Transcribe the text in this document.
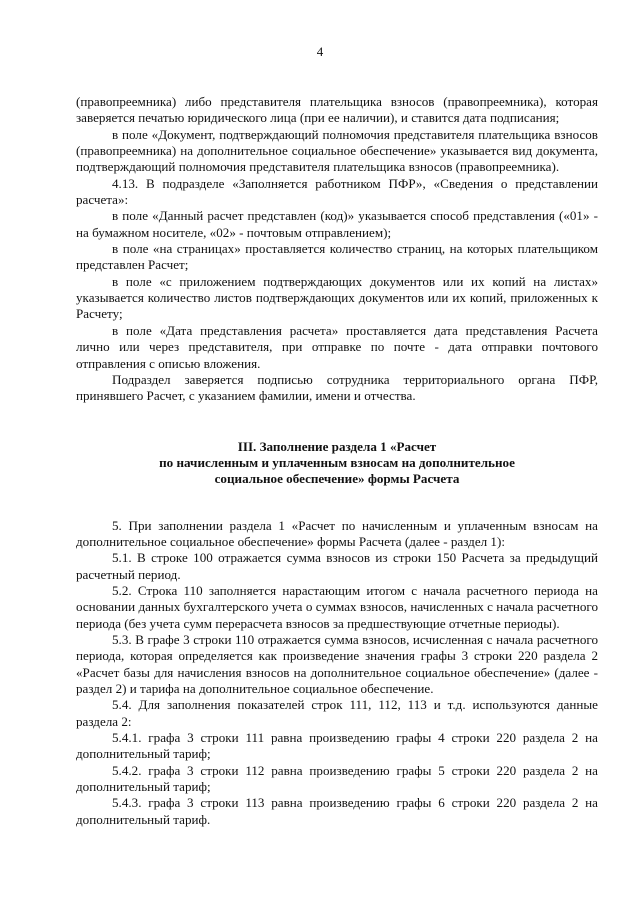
4

(правопреемника) либо представителя плательщика взносов (правопреемника), которая заверяется печатью юридического лица (при ее наличии), и ставится дата подписания;

в поле «Документ, подтверждающий полномочия представителя плательщика взносов (правопреемника) на дополнительное социальное обеспечение» указывается вид документа, подтверждающий полномочия представителя плательщика взносов (правопреемника).

4.13. В подразделе «Заполняется работником ПФР», «Сведения о представлении расчета»:

в поле «Данный расчет представлен (код)» указывается способ представления («01» - на бумажном носителе, «02» - почтовым отправлением);

в поле «на страницах» проставляется количество страниц, на которых плательщиком представлен Расчет;

в поле «с приложением подтверждающих документов или их копий на листах» указывается количество листов подтверждающих документов или их копий, приложенных к Расчету;

в поле «Дата представления расчета» проставляется дата представления Расчета лично или через представителя, при отправке по почте - дата отправки почтового отправления с описью вложения.

Подраздел заверяется подписью сотрудника территориального органа ПФР, принявшего Расчет, с указанием фамилии, имени и отчества.

III. Заполнение раздела 1 «Расчет
по начисленным и уплаченным взносам на дополнительное
социальное обеспечение» формы Расчета

5. При заполнении раздела 1 «Расчет по начисленным и уплаченным взносам на дополнительное социальное обеспечение» формы Расчета (далее - раздел 1):

5.1. В строке 100 отражается сумма взносов из строки 150 Расчета за предыдущий расчетный период.

5.2. Строка 110 заполняется нарастающим итогом с начала расчетного периода на основании данных бухгалтерского учета о суммах взносов, начисленных с начала расчетного периода (без учета сумм перерасчета взносов за предшествующие отчетные периоды).

5.3. В графе 3 строки 110 отражается сумма взносов, исчисленная с начала расчетного периода, которая определяется как произведение значения графы 3 строки 220 раздела 2 «Расчет базы для начисления взносов на дополнительное социальное обеспечение» (далее - раздел 2) и тарифа на дополнительное социальное обеспечение.

5.4. Для заполнения показателей строк 111, 112, 113 и т.д. используются данные раздела 2:

5.4.1. графа 3 строки 111 равна произведению графы 4 строки 220 раздела 2 на дополнительный тариф;

5.4.2. графа 3 строки 112 равна произведению графы 5 строки 220 раздела 2 на дополнительный тариф;

5.4.3. графа 3 строки 113 равна произведению графы 6 строки 220 раздела 2 на дополнительный тариф.
